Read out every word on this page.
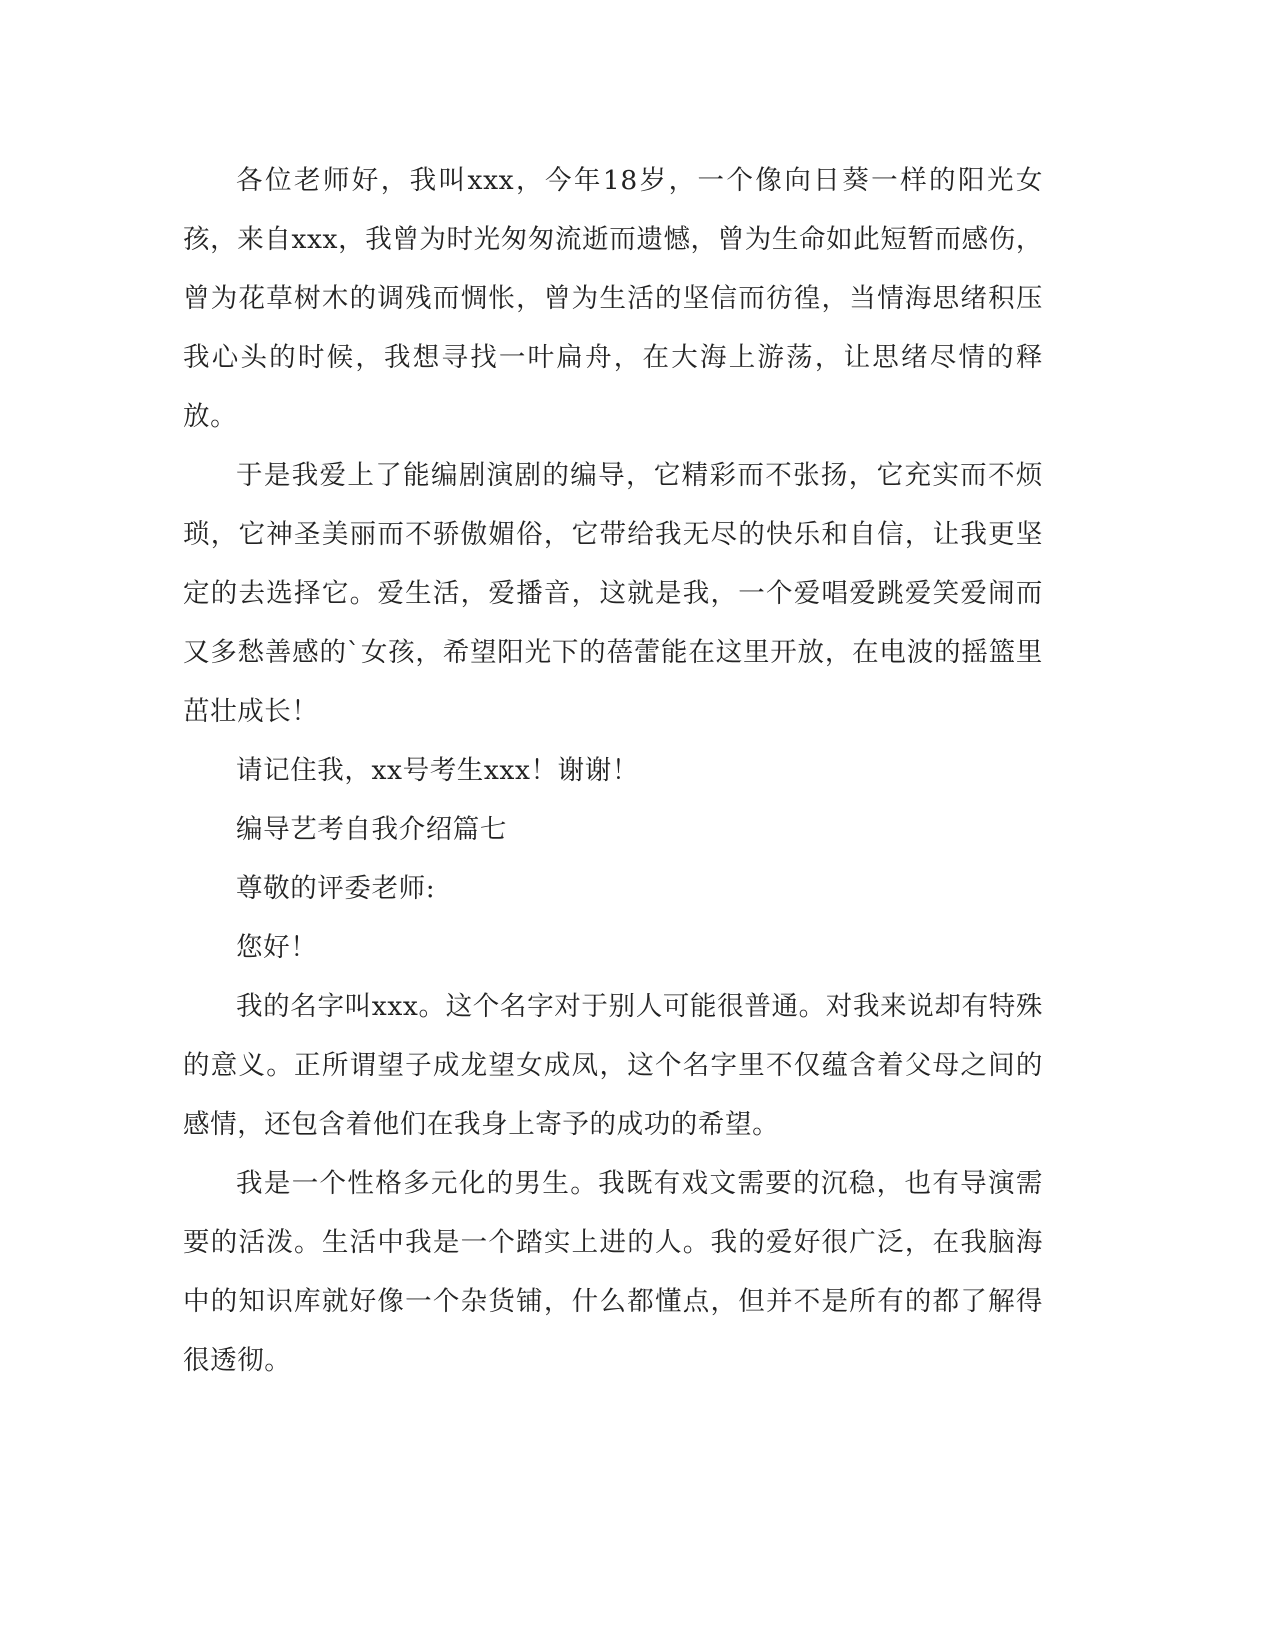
各位老师好，我叫xxx，今年18岁，一个像向日葵一样的阳光女孩，来自xxx，我曾为时光匆匆流逝而遗憾，曾为生命如此短暂而感伤，曾为花草树木的调残而惆怅，曾为生活的坚信而彷徨，当情海思绪积压我心头的时候，我想寻找一叶扁舟，在大海上游荡，让思绪尽情的释放。

于是我爱上了能编剧演剧的编导，它精彩而不张扬，它充实而不烦琐，它神圣美丽而不骄傲媚俗，它带给我无尽的快乐和自信，让我更坚定的去选择它。爱生活，爱播音，这就是我，一个爱唱爱跳爱笑爱闹而又多愁善感的`女孩，希望阳光下的蓓蕾能在这里开放，在电波的摇篮里茁壮成长！

请记住我，xx号考生xxx！谢谢！

编导艺考自我介绍篇七

尊敬的评委老师:

您好！

我的名字叫xxx。这个名字对于别人可能很普通。对我来说却有特殊的意义。正所谓望子成龙望女成凤，这个名字里不仅蕴含着父母之间的感情，还包含着他们在我身上寄予的成功的希望。

我是一个性格多元化的男生。我既有戏文需要的沉稳，也有导演需要的活泼。生活中我是一个踏实上进的人。我的爱好很广泛，在我脑海中的知识库就好像一个杂货铺，什么都懂点，但并不是所有的都了解得很透彻。
